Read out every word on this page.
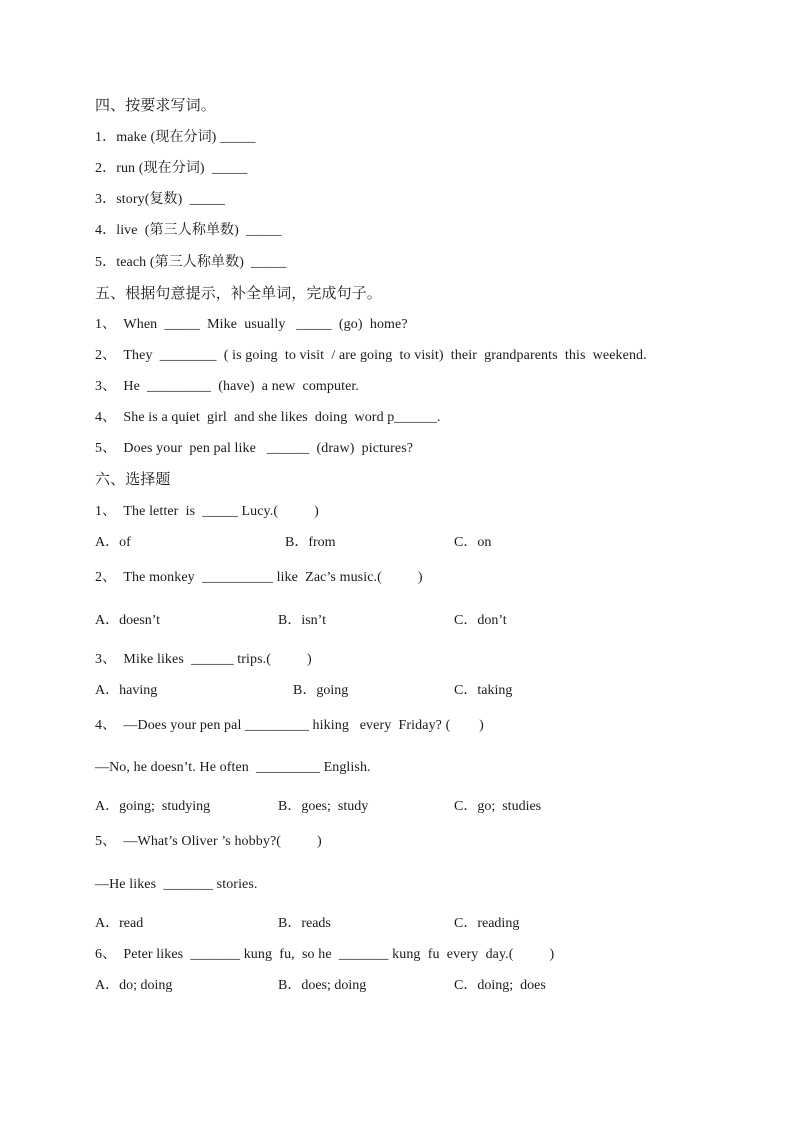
四、按要求写词。
1．make (现在分词) _____
2．run (现在分词)  _____
3．story(复数)  _____
4．live  (第三人称单数)  _____
5．teach (第三人称单数)  _____
五、根据句意提示，补全单词，完成句子。
1、  When  _____  Mike  usually   _____  (go)  home?
2、  They  ________  ( is going  to visit  / are going  to visit)  their  grandparents  this  weekend.
3、  He  _________  (have)  a new  computer.
4、  She is a quiet  girl  and she likes  doing  word p______.
5、  Does your  pen pal like   ______  (draw)  pictures?
六、选择题
1、  The letter  is  _____ Lucy.(          )
A．of	B．from	C．on
2、  The monkey  __________ like  Zac’s music.(          )
A．doesn’t	B．isn’t	C．don’t
3、  Mike likes  ______ trips.(          )
A．having	B．going	C．taking
4、  —Does your pen pal _________ hiking   every  Friday? (        )
—No, he doesn’t. He often  _________ English.
A．going;  studying	B．goes;  study	C．go;  studies
5、  —What’s Oliver ’s hobby?(          )
—He likes  _______ stories.
A．read	B．reads	C．reading
6、  Peter likes  _______ kung  fu,  so he  _______ kung  fu  every  day.(          )
A．do; doing	B．does; doing	C．doing;  does
